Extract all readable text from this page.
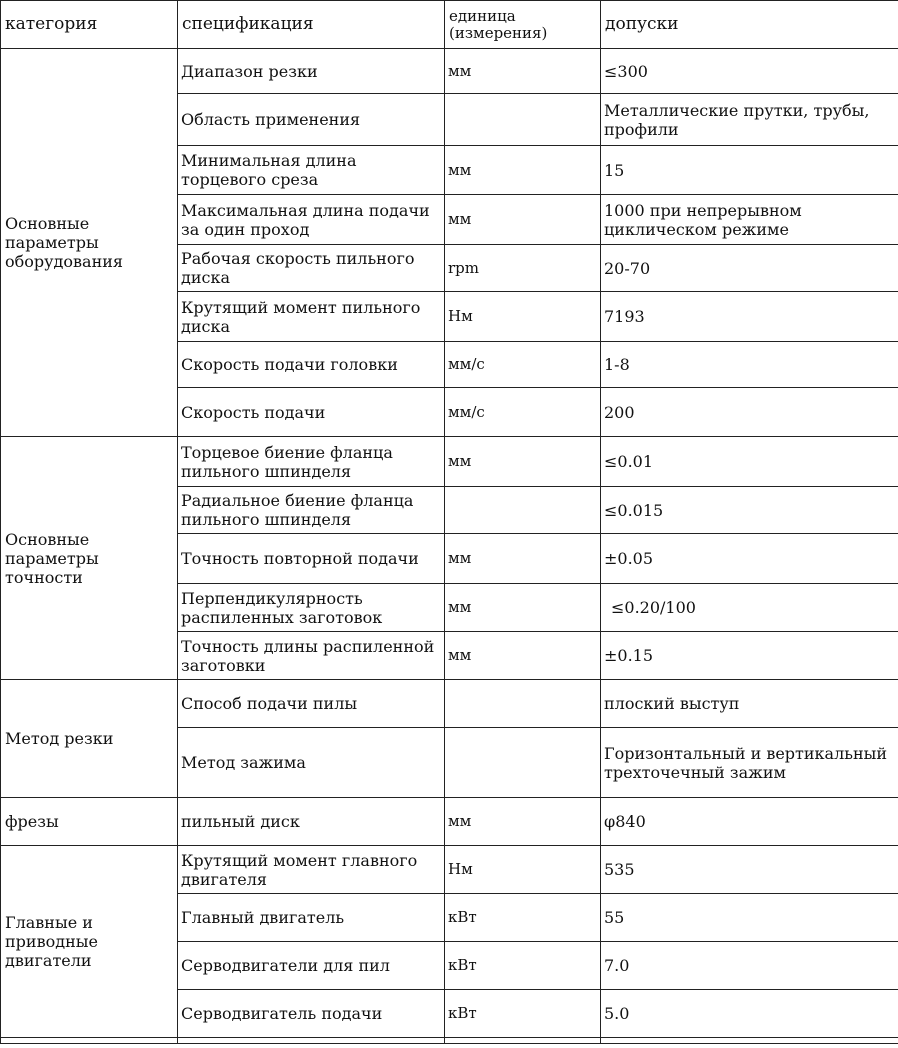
категория	спецификация	единица (измерения)	допуски
Основные параметры оборудования	Диапазон резки	мм	≤300
	Область применения		Металлические прутки, трубы, профили
	Минимальная длина торцевого среза	мм	15
	Максимальная длина подачи за один проход	мм	1000 при непрерывном циклическом режиме
	Рабочая скорость пильного диска	rpm	20-70
	Крутящий момент пильного диска	Нм	7193
	Скорость подачи головки	мм/с	1-8
	Скорость подачи	мм/с	200
Основные параметры точности	Торцевое биение фланца пильного шпинделя	мм	≤0.01
	Радиальное биение фланца пильного шпинделя		≤0.015
	Точность повторной подачи	мм	±0.05
	Перпендикулярность распиленных заготовок	мм	≤0.20/100
	Точность длины распиленной заготовки	мм	±0.15
Метод резки	Способ подачи пилы		плоский выступ
	Метод зажима		Горизонтальный и вертикальный трехточечный зажим
фрезы	пильный диск	мм	φ840
Главные и приводные двигатели	Крутящий момент главного двигателя	Нм	535
	Главный двигатель	кВт	55
	Серводвигатели для пил	кВт	7.0
	Серводвигатель подачи	кВт	5.0
